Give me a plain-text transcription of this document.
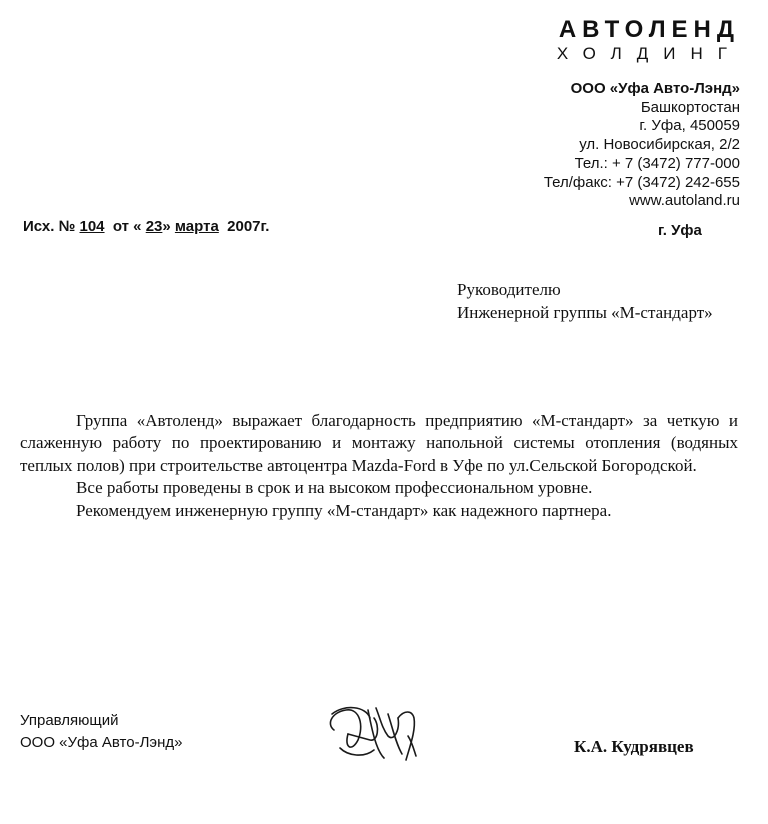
АВТОЛЕНД
ХОЛДИНГ
ООО «Уфа Авто-Лэнд»
Башкортостан
г. Уфа, 450059
ул. Новосибирская, 2/2
Тел.: + 7 (3472) 777-000
Тел/факс: +7 (3472) 242-655
www.autoland.ru
Исх. № 104 от « 23» марта 2007г.	г. Уфа
Руководителю
Инженерной группы «М-стандарт»

Группа «Автоленд» выражает благодарность предприятию «М-стандарт» за четкую и слаженную работу по проектированию и монтажу напольной системы отопления (водяных теплых полов) при строительстве автоцентра Mazda-Ford в Уфе по ул.Сельской Богородской.

Все работы проведены в срок и на высоком профессиональном уровне.

Рекомендуем инженерную группу «М-стандарт» как надежного партнера.

Управляющий
ООО «Уфа Авто-Лэнд»	К.А. Кудрявцев
